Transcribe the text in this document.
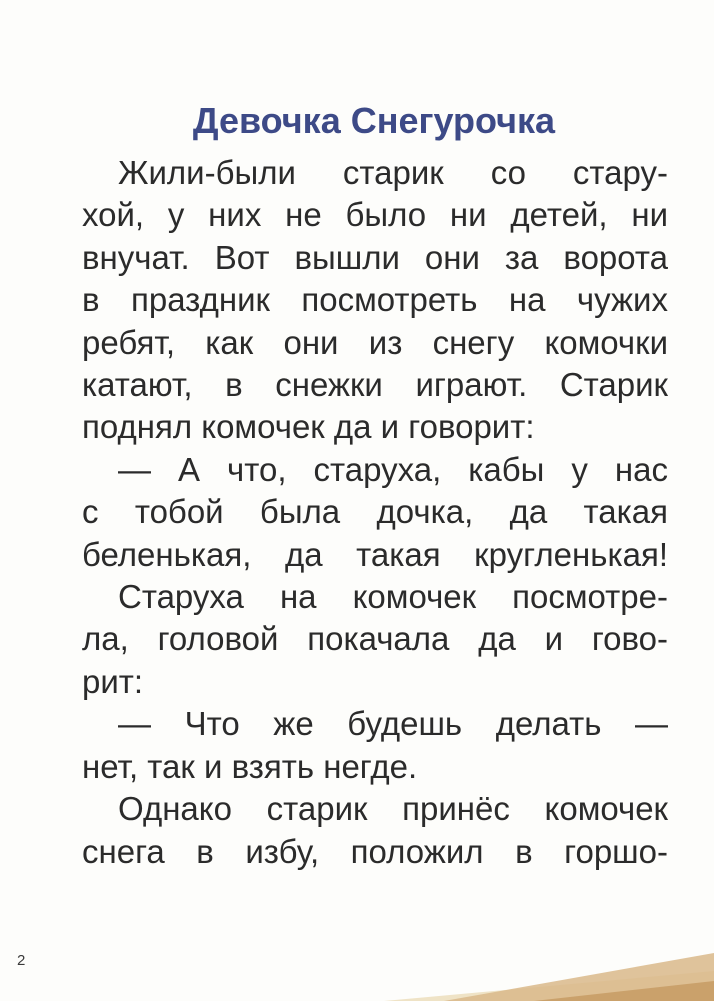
Девочка Снегурочка
Жили-были старик со стару-
хой, у них не было ни детей, ни
внучат. Вот вышли они за ворота
в праздник посмотреть на чужих
ребят, как они из снегу комочки
катают, в снежки играют. Старик
поднял комочек да и говорит:
— А что, старуха, кабы у нас
с тобой была дочка, да такая
беленькая, да такая кругленькая!
Старуха на комочек посмотре-
ла, головой покачала да и гово-
рит:
— Что же будешь делать —
нет, так и взять негде.
Однако старик принёс комочек
снега в избу, положил в горшо-
2
